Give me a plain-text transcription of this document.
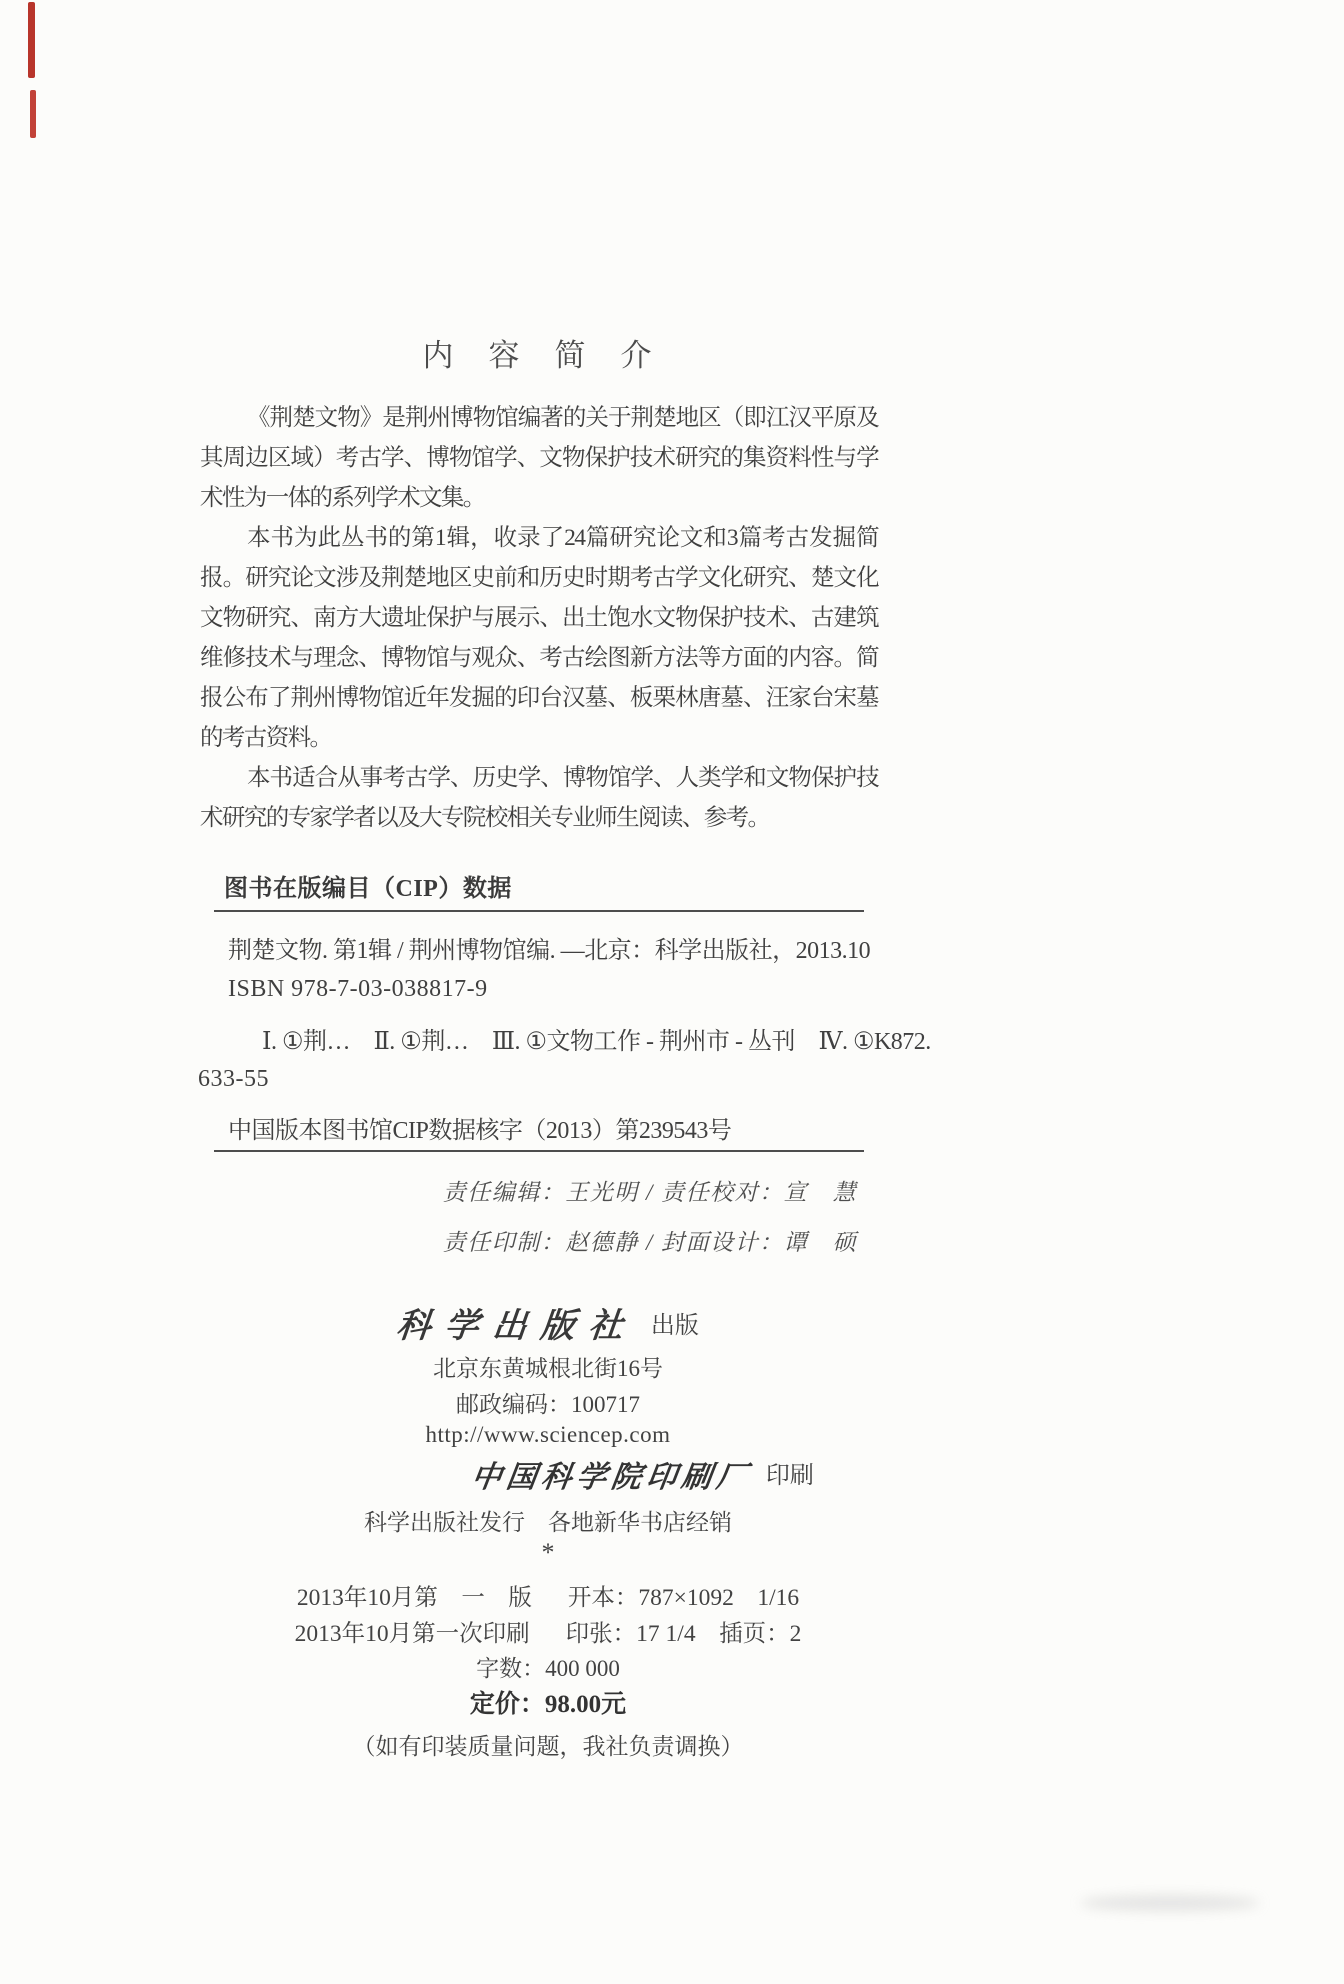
内　容　简　介

《荆楚文物》是荆州博物馆编著的关于荆楚地区（即江汉平原及其周边区域）考古学、博物馆学、文物保护技术研究的集资料性与学术性为一体的系列学术文集。

本书为此丛书的第1辑，收录了24篇研究论文和3篇考古发掘简报。研究论文涉及荆楚地区史前和历史时期考古学文化研究、楚文化文物研究、南方大遗址保护与展示、出土饱水文物保护技术、古建筑维修技术与理念、博物馆与观众、考古绘图新方法等方面的内容。简报公布了荆州博物馆近年发掘的印台汉墓、板栗林唐墓、汪家台宋墓的考古资料。

本书适合从事考古学、历史学、博物馆学、人类学和文物保护技术研究的专家学者以及大专院校相关专业师生阅读、参考。

图书在版编目（CIP）数据
荆楚文物. 第1辑 / 荆州博物馆编. —北京：科学出版社，2013.10
ISBN 978-7-03-038817-9
Ⅰ. ①荆…　Ⅱ. ①荆…　Ⅲ. ①文物工作 - 荆州市 - 丛刊　Ⅳ. ①K872.
633-55
中国版本图书馆CIP数据核字（2013）第239543号
责任编辑：王光明 / 责任校对：宣　慧
责任印制：赵德静 / 封面设计：谭　硕
科学出版社 出版
北京东黄城根北街16号
邮政编码：100717
http://www.sciencep.com
中国科学院印刷厂 印刷
科学出版社发行　各地新华书店经销
*
2013年10月第　一　版 开本：787×1092　1/16
2013年10月第一次印刷 印张：17 1/4　插页：2
字数：400 000
定价：98.00元
（如有印装质量问题，我社负责调换）
